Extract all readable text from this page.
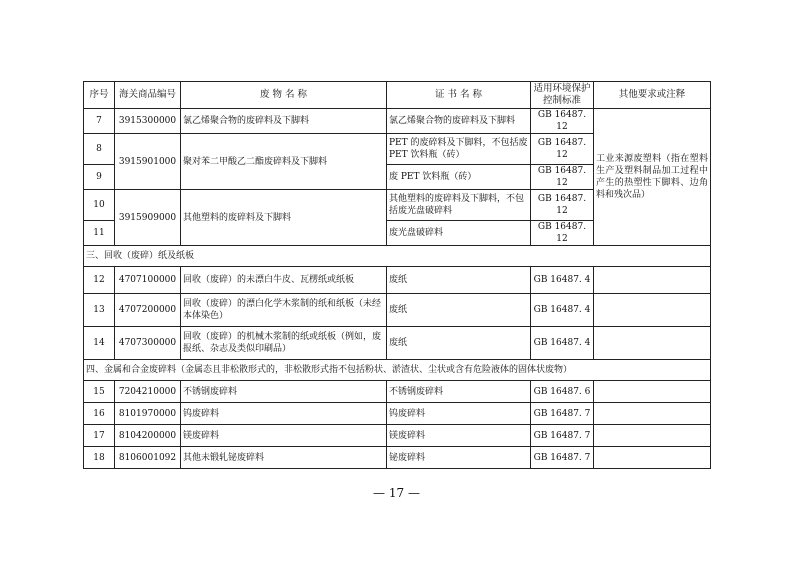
序号	海关商品编号	废 物 名 称	证 书 名 称	适用环境保护控制标准	其他要求或注释
7	3915300000	氯乙烯聚合物的废碎料及下脚料	氯乙烯聚合物的废碎料及下脚料	GB 16487. 12	工业来源废塑料（指在塑料生产及塑料制品加工过程中产生的热塑性下脚料、边角料和残次品）
8	3915901000	聚对苯二甲酸乙二酯废碎料及下脚料	PET 的废碎料及下脚料，不包括废 PET 饮料瓶（砖）	GB 16487. 12	
9			废 PET 饮料瓶（砖）	GB 16487. 12	
10	3915909000	其他塑料的废碎料及下脚料	其他塑料的废碎料及下脚料，不包括废光盘破碎料	GB 16487. 12	
11			废光盘破碎料	GB 16487. 12	
三、回收（废碎）纸及纸板					
12	4707100000	回收（废碎）的未漂白牛皮、瓦楞纸或纸板	废纸	GB 16487. 4	
13	4707200000	回收（废碎）的漂白化学木浆制的纸和纸板（未经本体染色）	废纸	GB 16487. 4	
14	4707300000	回收（废碎）的机械木浆制的纸或纸板（例如，废报纸、杂志及类似印刷品）	废纸	GB 16487. 4	
四、金属和合金废碎料（金属态且非松散形式的，非松散形式指不包括粉状、淤渣状、尘状或含有危险液体的固体状废物）					
15	7204210000	不锈钢废碎料	不锈钢废碎料	GB 16487. 6	
16	8101970000	钨废碎料	钨废碎料	GB 16487. 7	
17	8104200000	镁废碎料	镁废碎料	GB 16487. 7	
18	8106001092	其他未锻轧铋废碎料	铋废碎料	GB 16487. 7	
— 17 —
